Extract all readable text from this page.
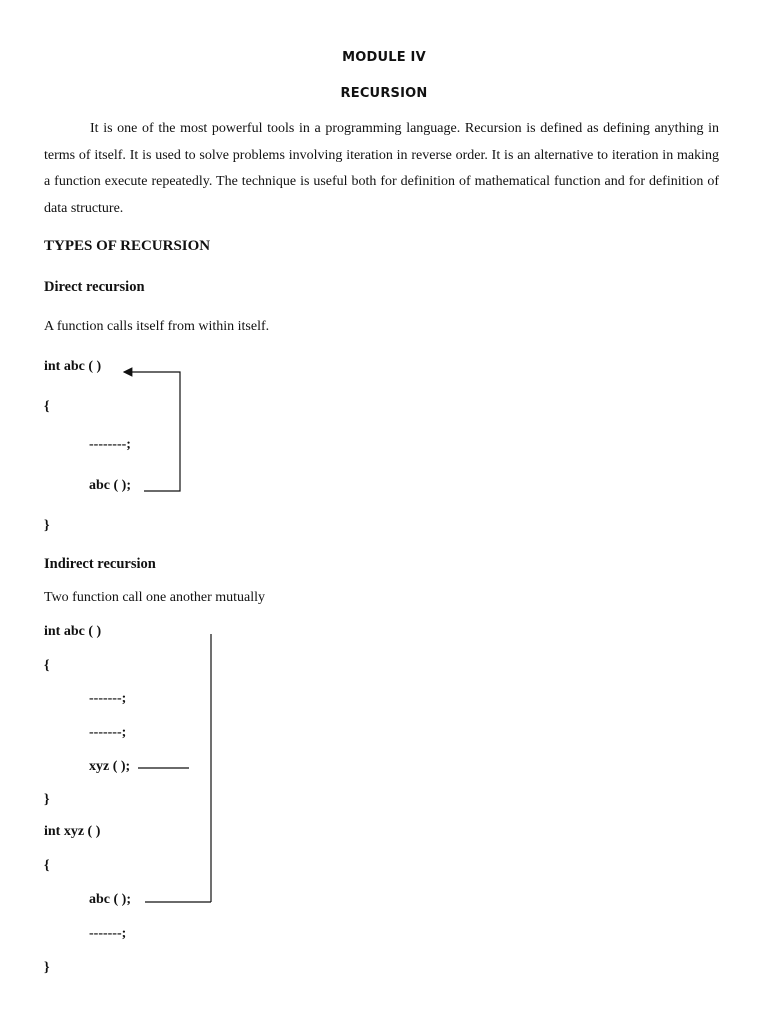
MODULE IV
RECURSION
It is one of the most powerful tools in a programming language. Recursion is defined as defining anything in terms of itself. It is used to solve problems involving iteration in reverse order. It is an alternative to iteration in making a function execute repeatedly. The technique is useful both for definition of mathematical function and for definition of data structure.
TYPES OF RECURSION
Direct recursion
A function calls itself from within itself.
int abc ( )
{
--------;
abc ( );
}
Indirect recursion
Two function call one another mutually
int abc ( )
{
-------;
-------;
xyz ( );
}
int xyz ( )
{
abc ( );
-------;
}
